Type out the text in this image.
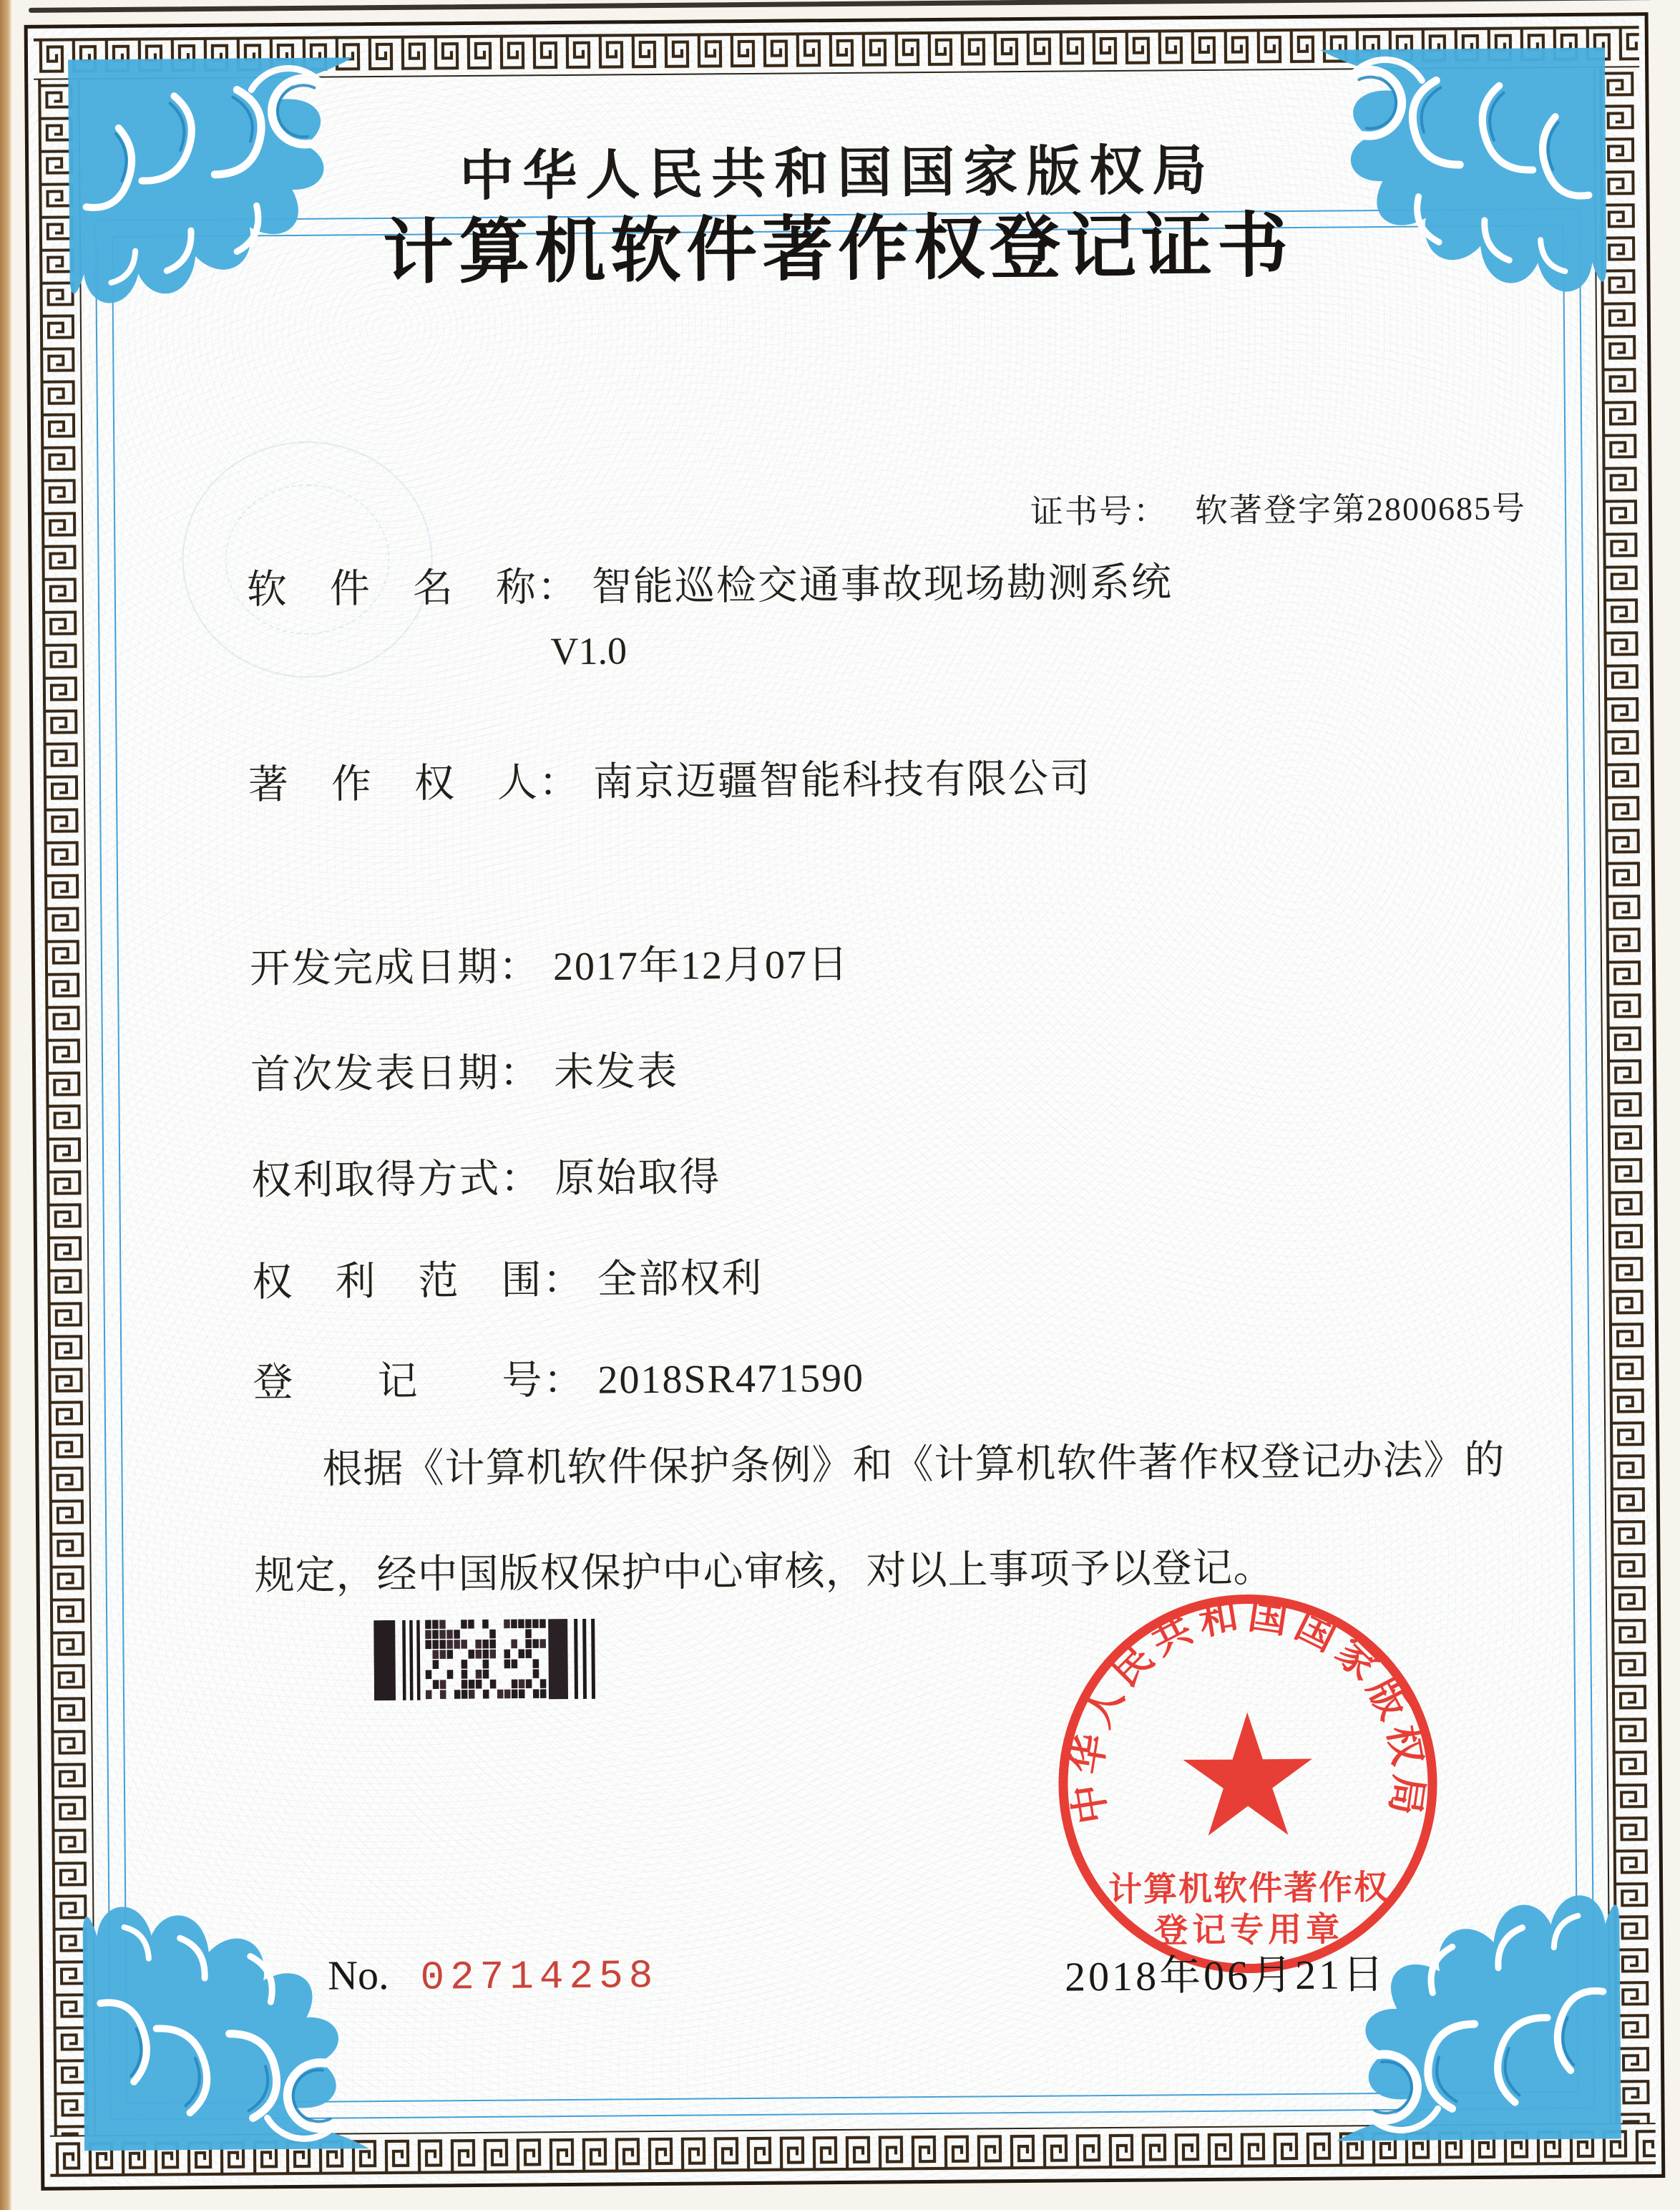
中华人民共和国国家版权局
计算机软件著作权登记证书
证书号： 软著登字第2800685号
软　件　名　称： 智能巡检交通事故现场勘测系统
V1.0
著　作　权　人： 南京迈疆智能科技有限公司
开发完成日期： 2017年12月07日
首次发表日期： 未发表
权利取得方式： 原始取得
权　利　范　围： 全部权利
登　　记　　号： 2018SR471590
根据《计算机软件保护条例》和《计算机软件著作权登记办法》的
规定，经中国版权保护中心审核，对以上事项予以登记。
中华人民共和国国家版权局
计算机软件著作权
登记专用章
2018年06月21日
No. 02714258
